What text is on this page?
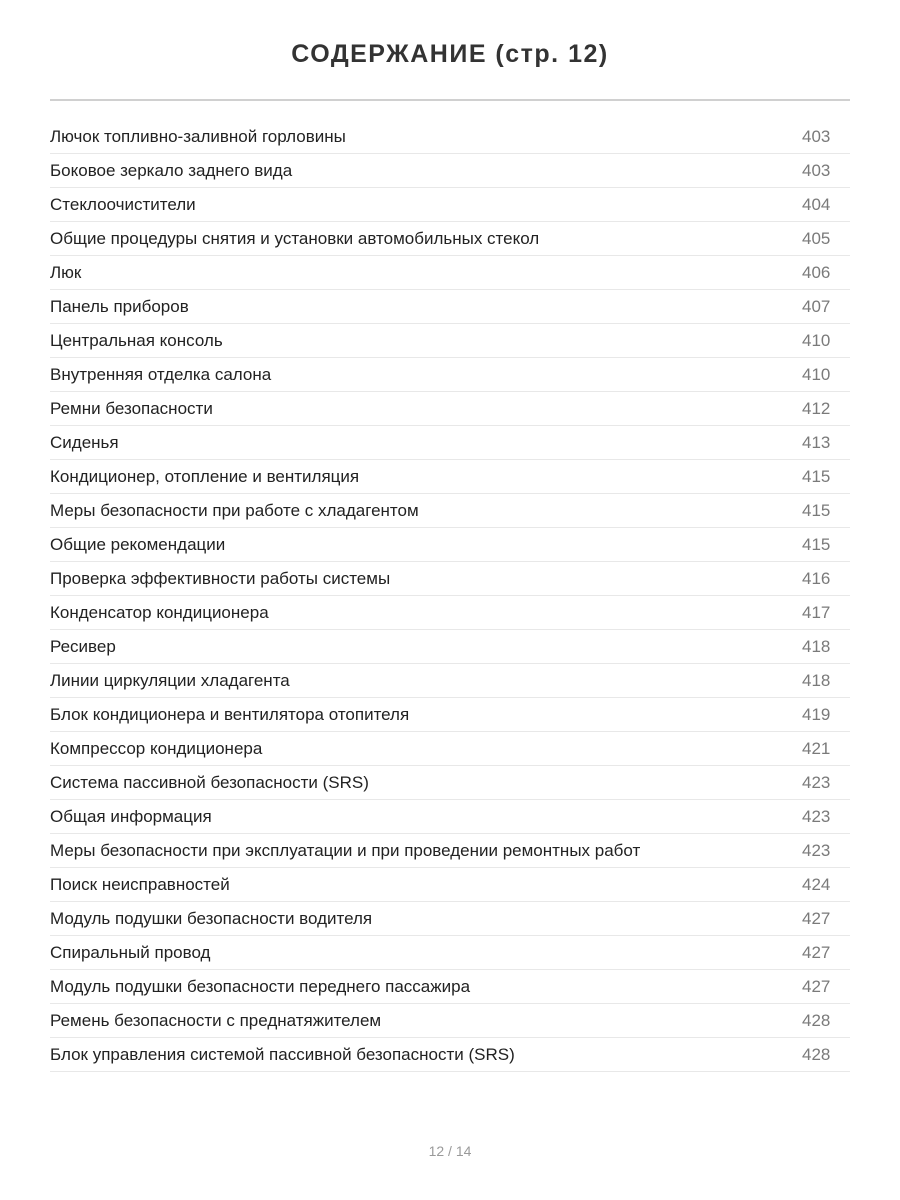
СОДЕРЖАНИЕ (стр. 12)
Лючок топливно-заливной горловины	403
Боковое зеркало заднего вида	403
Стеклоочистители	404
Общие процедуры снятия и установки автомобильных стекол	405
Люк	406
Панель приборов	407
Центральная консоль	410
Внутренняя отделка салона	410
Ремни безопасности	412
Сиденья	413
Кондиционер, отопление и вентиляция	415
Меры безопасности при работе с хладагентом	415
Общие рекомендации	415
Проверка эффективности работы системы	416
Конденсатор кондиционера	417
Ресивер	418
Линии циркуляции хладагента	418
Блок кондиционера и вентилятора отопителя	419
Компрессор кондиционера	421
Система пассивной безопасности (SRS)	423
Общая информация	423
Меры безопасности при эксплуатации и при проведении ремонтных работ	423
Поиск неисправностей	424
Модуль подушки безопасности водителя	427
Спиральный провод	427
Модуль подушки безопасности переднего пассажира	427
Ремень безопасности с преднатяжителем	428
Блок управления системой пассивной безопасности (SRS)	428
12 / 14
